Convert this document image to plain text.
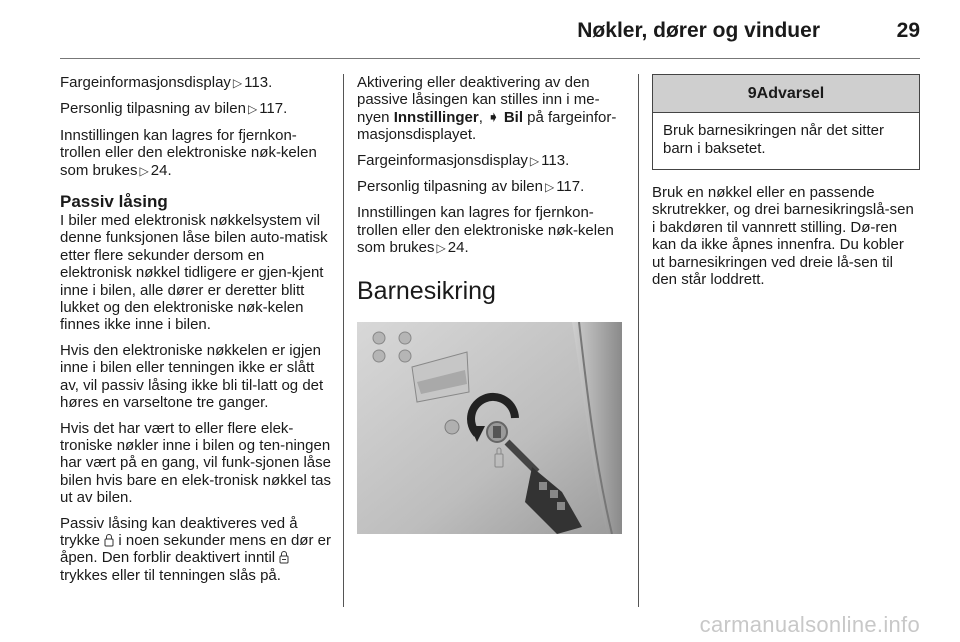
Nøkler, dører og vinduer	29

Fargeinformasjonsdisplay ▷ 113.

Personlig tilpasning av bilen ▷ 117.

Innstillingen kan lagres for fjernkon-trollen eller den elektroniske nøk-kelen som brukes ▷ 24.

Passiv låsing

I biler med elektronisk nøkkelsystem vil denne funksjonen låse bilen auto-matisk etter flere sekunder dersom en elektronisk nøkkel tidligere er gjen-kjent inne i bilen, alle dører er deretter blitt lukket og den elektroniske nøk-kelen finnes ikke inne i bilen.

Hvis den elektroniske nøkkelen er igjen inne i bilen eller tenningen ikke er slått av, vil passiv låsing ikke bli til-latt og det høres en varseltone tre ganger.

Hvis det har vært to eller flere elek-troniske nøkler inne i bilen og ten-ningen har vært på en gang, vil funk-sjonen låse bilen hvis bare en elek-tronisk nøkkel tas ut av bilen.

Passiv låsing kan deaktiveres ved å trykke i noen sekunder mens en dør er åpen. Den forblir deaktivert inntil  trykkes eller til tenningen slås på.

Aktivering eller deaktivering av den passive låsingen kan stilles inn i me-nyen Innstillinger, ➧ Bil på fargeinfor-masjonsdisplayet.

Fargeinformasjonsdisplay ▷ 113.

Personlig tilpasning av bilen ▷ 117.

Innstillingen kan lagres for fjernkon-trollen eller den elektroniske nøk-kelen som brukes ▷ 24.

Barnesikring
9Advarsel
Bruk barnesikringen når det sitter barn i baksetet.

Bruk en nøkkel eller en passende skrutrekker, og drei barnesikringslå-sen i bakdøren til vannrett stilling. Dø-ren kan da ikke åpnes innenfra. Du kobler ut barnesikringen ved dreie lå-sen til den står loddrett.

carmanualsonline.info
